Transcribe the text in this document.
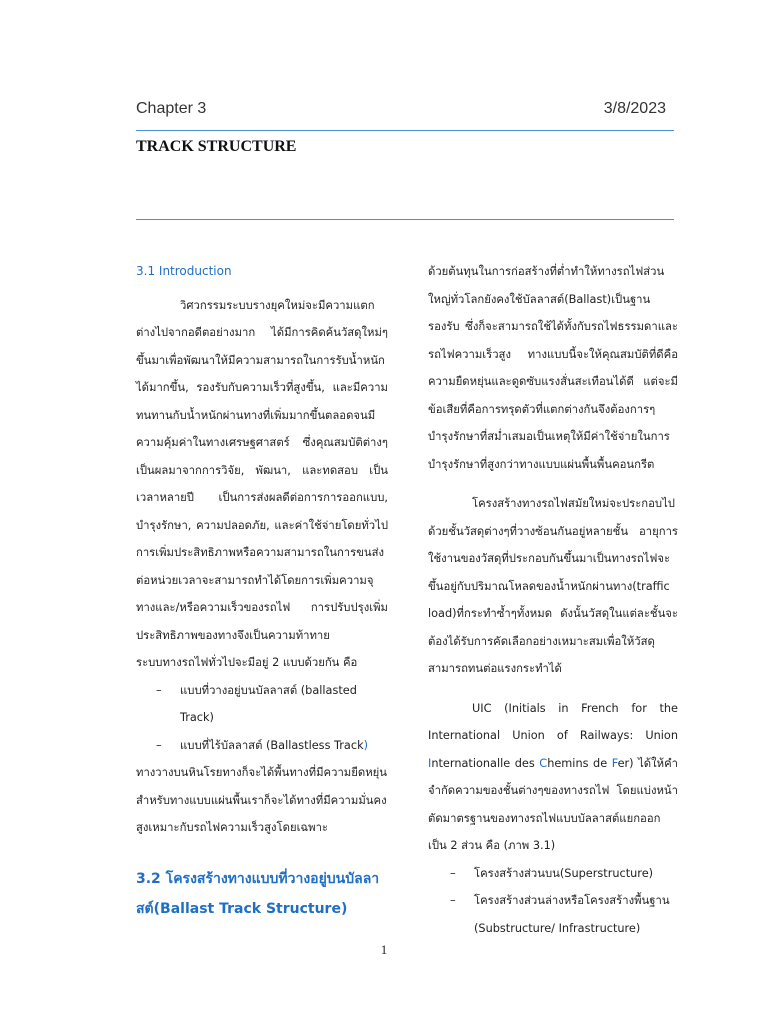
Chapter 3	3/8/2023
TRACK STRUCTURE
3.1 Introduction

วิศวกรรมระบบรางยุคใหม่จะมีความแตกต่างไปจากอดีตอย่างมาก ได้มีการคิดค้นวัสดุใหม่ๆขึ้นมาเพื่อพัฒนาให้มีความสามารถในการรับน้ำหนักได้มากขึ้น, รองรับกับความเร็วที่สูงขึ้น, และมีความทนทานกับน้ำหนักผ่านทางที่เพิ่มมากขึ้นตลอดจนมีความคุ้มค่าในทางเศรษฐศาสตร์ ซึ่งคุณสมบัติต่างๆเป็นผลมาจากการวิจัย, พัฒนา, และทดสอบ เป็นเวลาหลายปี เป็นการส่งผลดีต่อการการออกแบบ, บำรุงรักษา, ความปลอดภัย, และค่าใช้จ่ายโดยทั่วไปการเพิ่มประสิทธิภาพหรือความสามารถในการขนส่งต่อหน่วยเวลาจะสามารถทำได้โดยการเพิ่มความจุทางและ/หรือความเร็วของรถไฟ การปรับปรุงเพิ่มประสิทธิภาพของทางจึงเป็นความท้าทาย

ระบบทางรถไฟทั่วไปจะมีอยู่ 2 แบบด้วยกัน คือ

– แบบที่วางอยู่บนบัลลาสต์ (ballasted Track)
– แบบที่ไร้บัลลาสต์ (Ballastless Track)

ทางวางบนหินโรยทางก็จะได้พื้นทางที่มีความยืดหยุ่นสำหรับทางแบบแผ่นพื้นเราก็จะได้ทางที่มีความมั่นคงสูงเหมาะกับรถไฟความเร็วสูงโดยเฉพาะ

3.2 โครงสร้างทางแบบที่วางอยู่บนบัลลาสต์(Ballast Track Structure)

ด้วยต้นทุนในการก่อสร้างที่ต่ำทำให้ทางรถไฟส่วนใหญ่ทั่วโลกยังคงใช้บัลลาสต์(Ballast)เป็นฐานรองรับ ซึ่งก็จะสามารถใช้ได้ทั้งกับรถไฟธรรมดาและรถไฟความเร็วสูง ทางแบบนี้จะให้คุณสมบัติที่ดีคือความยืดหยุ่นและดูดซับแรงสั่นสะเทือนได้ดี แต่จะมีข้อเสียที่คือการทรุดตัวที่แตกต่างกันจึงต้องการๆบำรุงรักษาที่สม่ำเสมอเป็นเหตุให้มีค่าใช้จ่ายในการบำรุงรักษาที่สูงกว่าทางแบบแผ่นพื้นพื้นคอนกรีต

โครงสร้างทางรถไฟสมัยใหม่จะประกอบไปด้วยชั้นวัสดุต่างๆที่วางซ้อนกันอยู่หลายชั้น อายุการใช้งานของวัสดุที่ประกอบกันขึ้นมาเป็นทางรถไฟจะขึ้นอยู่กับปริมาณโหลดของน้ำหนักผ่านทาง(traffic load)ที่กระทำซ้ำๆทั้งหมด ดังนั้นวัสดุในแต่ละชั้นจะต้องได้รับการคัดเลือกอย่างเหมาะสมเพื่อให้วัสดุสามารถทนต่อแรงกระทำได้

UIC (Initials in French for the International Union of Railways: Union Internationalle des Chemins de Fer) ได้ให้คำจำกัดความของชั้นต่างๆของทางรถไฟ โดยแบ่งหน้าตัดมาตรฐานของทางรถไฟแบบบัลลาสต์แยกออกเป็น 2 ส่วน คือ (ภาพ 3.1)

– โครงสร้างส่วนบน(Superstructure)
– โครงสร้างส่วนล่างหรือโครงสร้างพื้นฐาน (Substructure/ Infrastructure)
1
